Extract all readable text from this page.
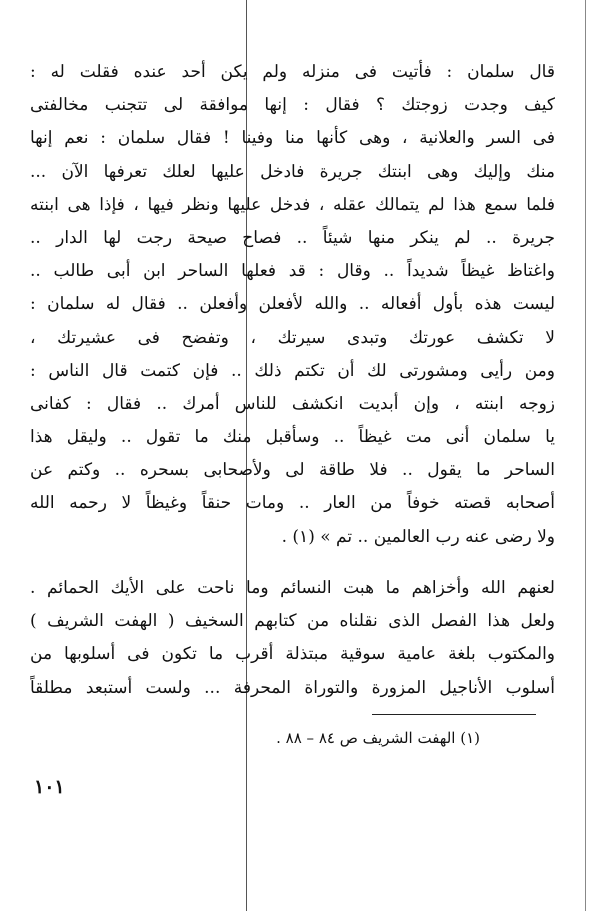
قال سلمان : فأتيت فى منزله ولم يكن أحد عنده فقلت له :
كيف وجدت زوجتك ؟ فقال : إنها موافقة لى تتجنب مخالفتى
فى السر والعلانية ، وهى كأنها منا وفينا ! فقال سلمان : نعم إنها
منك وإليك وهى ابنتك جريرة فادخل عليها لعلك تعرفها الآن ...
فلما سمع هذا لم يتمالك عقله ، فدخل عليها ونظر فيها ، فإذا هى ابنته
جريرة .. لم ينكر منها شيئاً .. فصاح صيحة رجت لها الدار ..
واغتاظ غيظاً شديداً .. وقال : قد فعلها الساحر ابن أبى طالب ..
ليست هذه بأول أفعاله .. والله لأفعلن وأفعلن .. فقال له سلمان :
لا تكشف عورتك وتبدى سيرتك ، وتفضح فى عشيرتك ،
ومن رأيى ومشورتى لك أن تكتم ذلك .. فإن كتمت قال الناس :
زوجه ابنته ، وإن أبديت انكشف للناس أمرك .. فقال : كفانى
يا سلمان أنى مت غيظاً .. وسأقبل منك ما تقول .. وليقل هذا
الساحر ما يقول .. فلا طاقة لى ولأصحابى بسحره .. وكتم عن
أصحابه قصته خوفاً من العار .. ومات حنقاً وغيظاً لا رحمه الله
ولا رضى عنه رب العالمين .. تم » (١) .
لعنهم الله وأخزاهم ما هبت النسائم وما ناحت على الأيك الحمائم .
ولعل هذا الفصل الذى نقلناه من كتابهم السخيف ( الهفت الشريف )
والمكتوب بلغة عامية سوقية مبتذلة أقرب ما تكون فى أسلوبها من
أسلوب الأناجيل المزورة والتوراة المحرفة ... ولست أستبعد مطلقاً
(١) الهفت الشريف ص ٨٤ – ٨٨ .
١٠١
